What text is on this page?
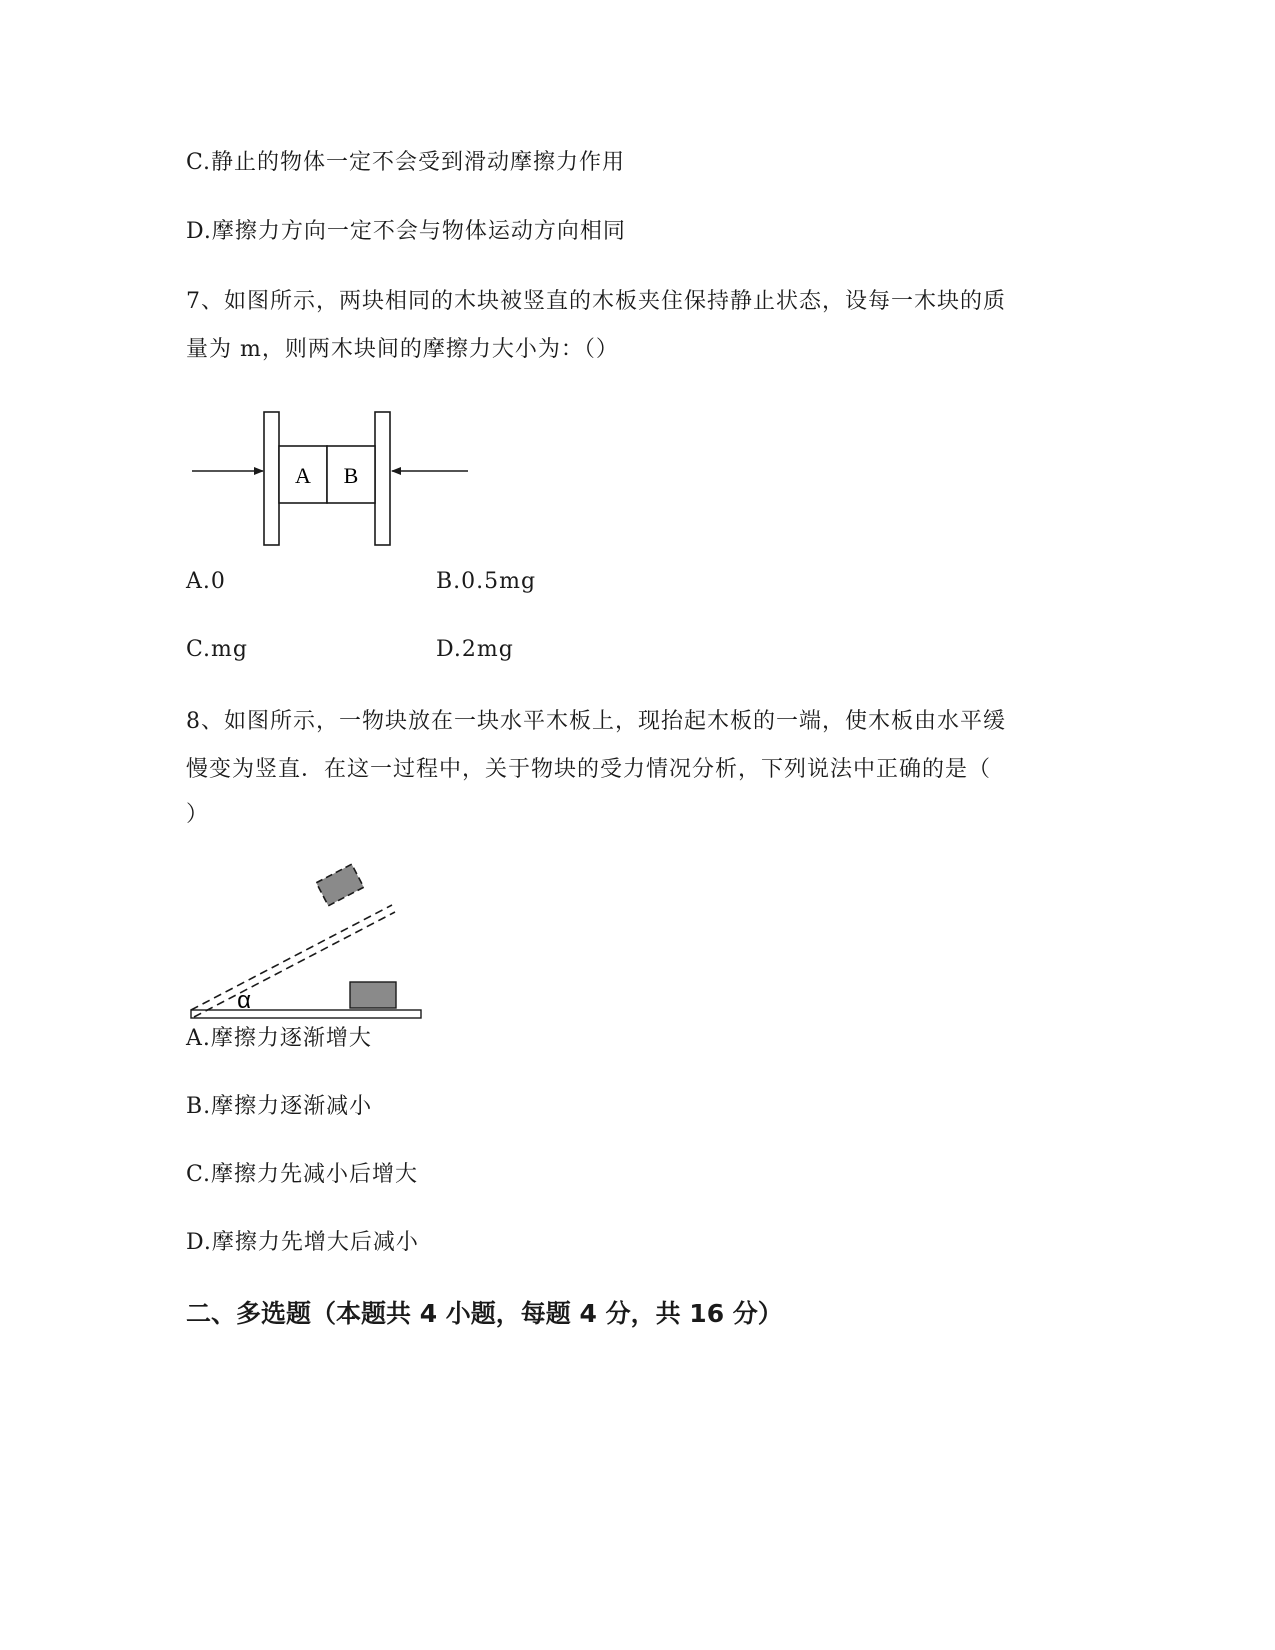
C.静止的物体一定不会受到滑动摩擦力作用
D.摩擦力方向一定不会与物体运动方向相同
7、如图所示，两块相同的木块被竖直的木板夹住保持静止状态，设每一木块的质
量为 m，则两木块间的摩擦力大小为：（）
A B
A.0	B.0.5mg
C.mg	D.2mg
8、如图所示，一物块放在一块水平木板上，现抬起木板的一端，使木板由水平缓
慢变为竖直．在这一过程中，关于物块的受力情况分析，下列说法中正确的是（
）
α
A.摩擦力逐渐增大
B.摩擦力逐渐减小
C.摩擦力先减小后增大
D.摩擦力先增大后减小
二、多选题（本题共 4 小题，每题 4 分，共 16 分）
